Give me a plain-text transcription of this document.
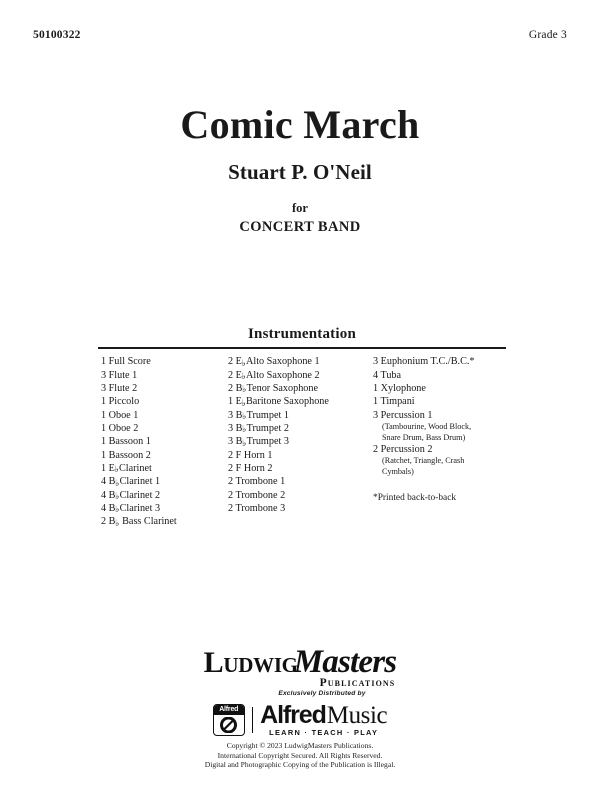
50100322	Grade 3
Comic March
Stuart P. O'Neil
for
CONCERT BAND
Instrumentation
1 Full Score
3 Flute 1
3 Flute 2
1 Piccolo
1 Oboe 1
1 Oboe 2
1 Bassoon 1
1 Bassoon 2
1 E♭Clarinet
4 B♭Clarinet 1
4 B♭Clarinet 2
4 B♭Clarinet 3
2 B♭ Bass Clarinet
2 E♭Alto Saxophone 1
2 E♭Alto Saxophone 2
2 B♭Tenor Saxophone
1 E♭Baritone Saxophone
3 B♭Trumpet 1
3 B♭Trumpet 2
3 B♭Trumpet 3
2 F Horn 1
2 F Horn 2
2 Trombone 1
2 Trombone 2
2 Trombone 3
3 Euphonium T.C./B.C.*
4 Tuba
1 Xylophone
1 Timpani
3 Percussion 1
(Tambourine, Wood Block,
Snare Drum, Bass Drum)
2 Percussion 2
(Ratchet, Triangle, Crash
Cymbals)
*Printed back-to-back
LudwigMasters
Publications
Exclusively Distributed by
Alfred AlfredMusic
LEARN · TEACH · PLAY
Copyright © 2023 LudwigMasters Publications.
International Copyright Secured. All Rights Reserved.
Digital and Photographic Copying of the Publication is Illegal.
